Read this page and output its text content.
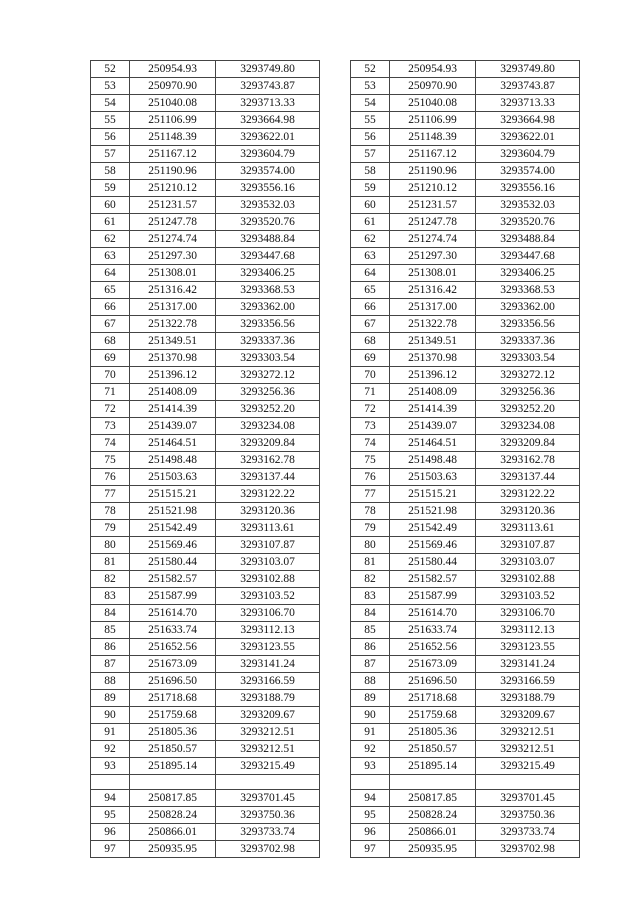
52	250954.93	3293749.80
53	250970.90	3293743.87
54	251040.08	3293713.33
55	251106.99	3293664.98
56	251148.39	3293622.01
57	251167.12	3293604.79
58	251190.96	3293574.00
59	251210.12	3293556.16
60	251231.57	3293532.03
61	251247.78	3293520.76
62	251274.74	3293488.84
63	251297.30	3293447.68
64	251308.01	3293406.25
65	251316.42	3293368.53
66	251317.00	3293362.00
67	251322.78	3293356.56
68	251349.51	3293337.36
69	251370.98	3293303.54
70	251396.12	3293272.12
71	251408.09	3293256.36
72	251414.39	3293252.20
73	251439.07	3293234.08
74	251464.51	3293209.84
75	251498.48	3293162.78
76	251503.63	3293137.44
77	251515.21	3293122.22
78	251521.98	3293120.36
79	251542.49	3293113.61
80	251569.46	3293107.87
81	251580.44	3293103.07
82	251582.57	3293102.88
83	251587.99	3293103.52
84	251614.70	3293106.70
85	251633.74	3293112.13
86	251652.56	3293123.55
87	251673.09	3293141.24
88	251696.50	3293166.59
89	251718.68	3293188.79
90	251759.68	3293209.67
91	251805.36	3293212.51
92	251850.57	3293212.51
93	251895.14	3293215.49

94	250817.85	3293701.45
95	250828.24	3293750.36
96	250866.01	3293733.74
97	250935.95	3293702.98
52	250954.93	3293749.80
53	250970.90	3293743.87
54	251040.08	3293713.33
55	251106.99	3293664.98
56	251148.39	3293622.01
57	251167.12	3293604.79
58	251190.96	3293574.00
59	251210.12	3293556.16
60	251231.57	3293532.03
61	251247.78	3293520.76
62	251274.74	3293488.84
63	251297.30	3293447.68
64	251308.01	3293406.25
65	251316.42	3293368.53
66	251317.00	3293362.00
67	251322.78	3293356.56
68	251349.51	3293337.36
69	251370.98	3293303.54
70	251396.12	3293272.12
71	251408.09	3293256.36
72	251414.39	3293252.20
73	251439.07	3293234.08
74	251464.51	3293209.84
75	251498.48	3293162.78
76	251503.63	3293137.44
77	251515.21	3293122.22
78	251521.98	3293120.36
79	251542.49	3293113.61
80	251569.46	3293107.87
81	251580.44	3293103.07
82	251582.57	3293102.88
83	251587.99	3293103.52
84	251614.70	3293106.70
85	251633.74	3293112.13
86	251652.56	3293123.55
87	251673.09	3293141.24
88	251696.50	3293166.59
89	251718.68	3293188.79
90	251759.68	3293209.67
91	251805.36	3293212.51
92	251850.57	3293212.51
93	251895.14	3293215.49

94	250817.85	3293701.45
95	250828.24	3293750.36
96	250866.01	3293733.74
97	250935.95	3293702.98
